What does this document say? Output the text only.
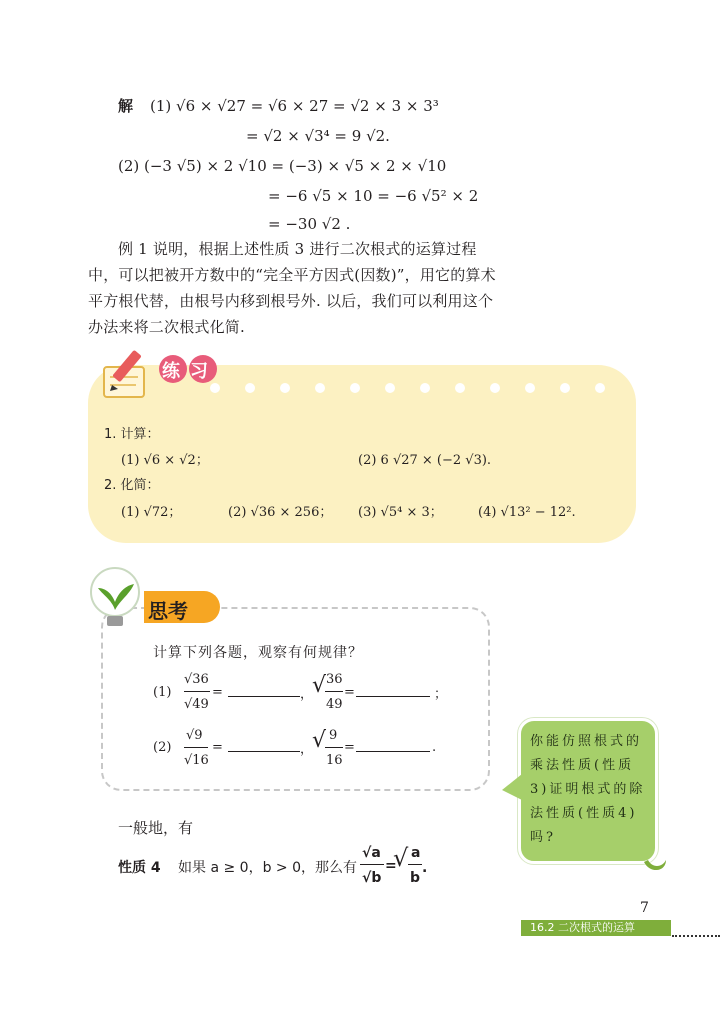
解 (1) √6 × √27 = √6 × 27 = √2 × 3 × 3³
= √2 × √3⁴ = 9 √2.
(2) (−3 √5) × 2 √10 = (−3) × √5 × 2 × √10
= −6 √5 × 10 = −6 √5² × 2
= −30 √2 .
例 1 说明，根据上述性质 3 进行二次根式的运算过程中，可以把被开方数中的“完全平方因式(因数)”，用它的算术平方根代替，由根号内移到根号外. 以后，我们可以利用这个办法来将二次根式化简.
练习
1. 计算：
(1) √6 × √2；	(2) 6 √27 × (−2 √3).
2. 化简：
(1) √72；	(2) √36 × 256； (3) √5⁴ × 3；	(4) √13² − 12².
思考
计算下列各题，观察有何规律？
(1)
√36
√49
=	，
√ 36
49
=	；
(2)
√9
√16
=	，
√ 9
16
=	.	你能仿照根式的乘法性质(性质3)证明根式的除法性质(性质4)吗?
一般地，有
性质 4 如果 a ≥ 0，b > 0，那么有
√a
√b
=
√ a
b
.
7
16.2 二次根式的运算
